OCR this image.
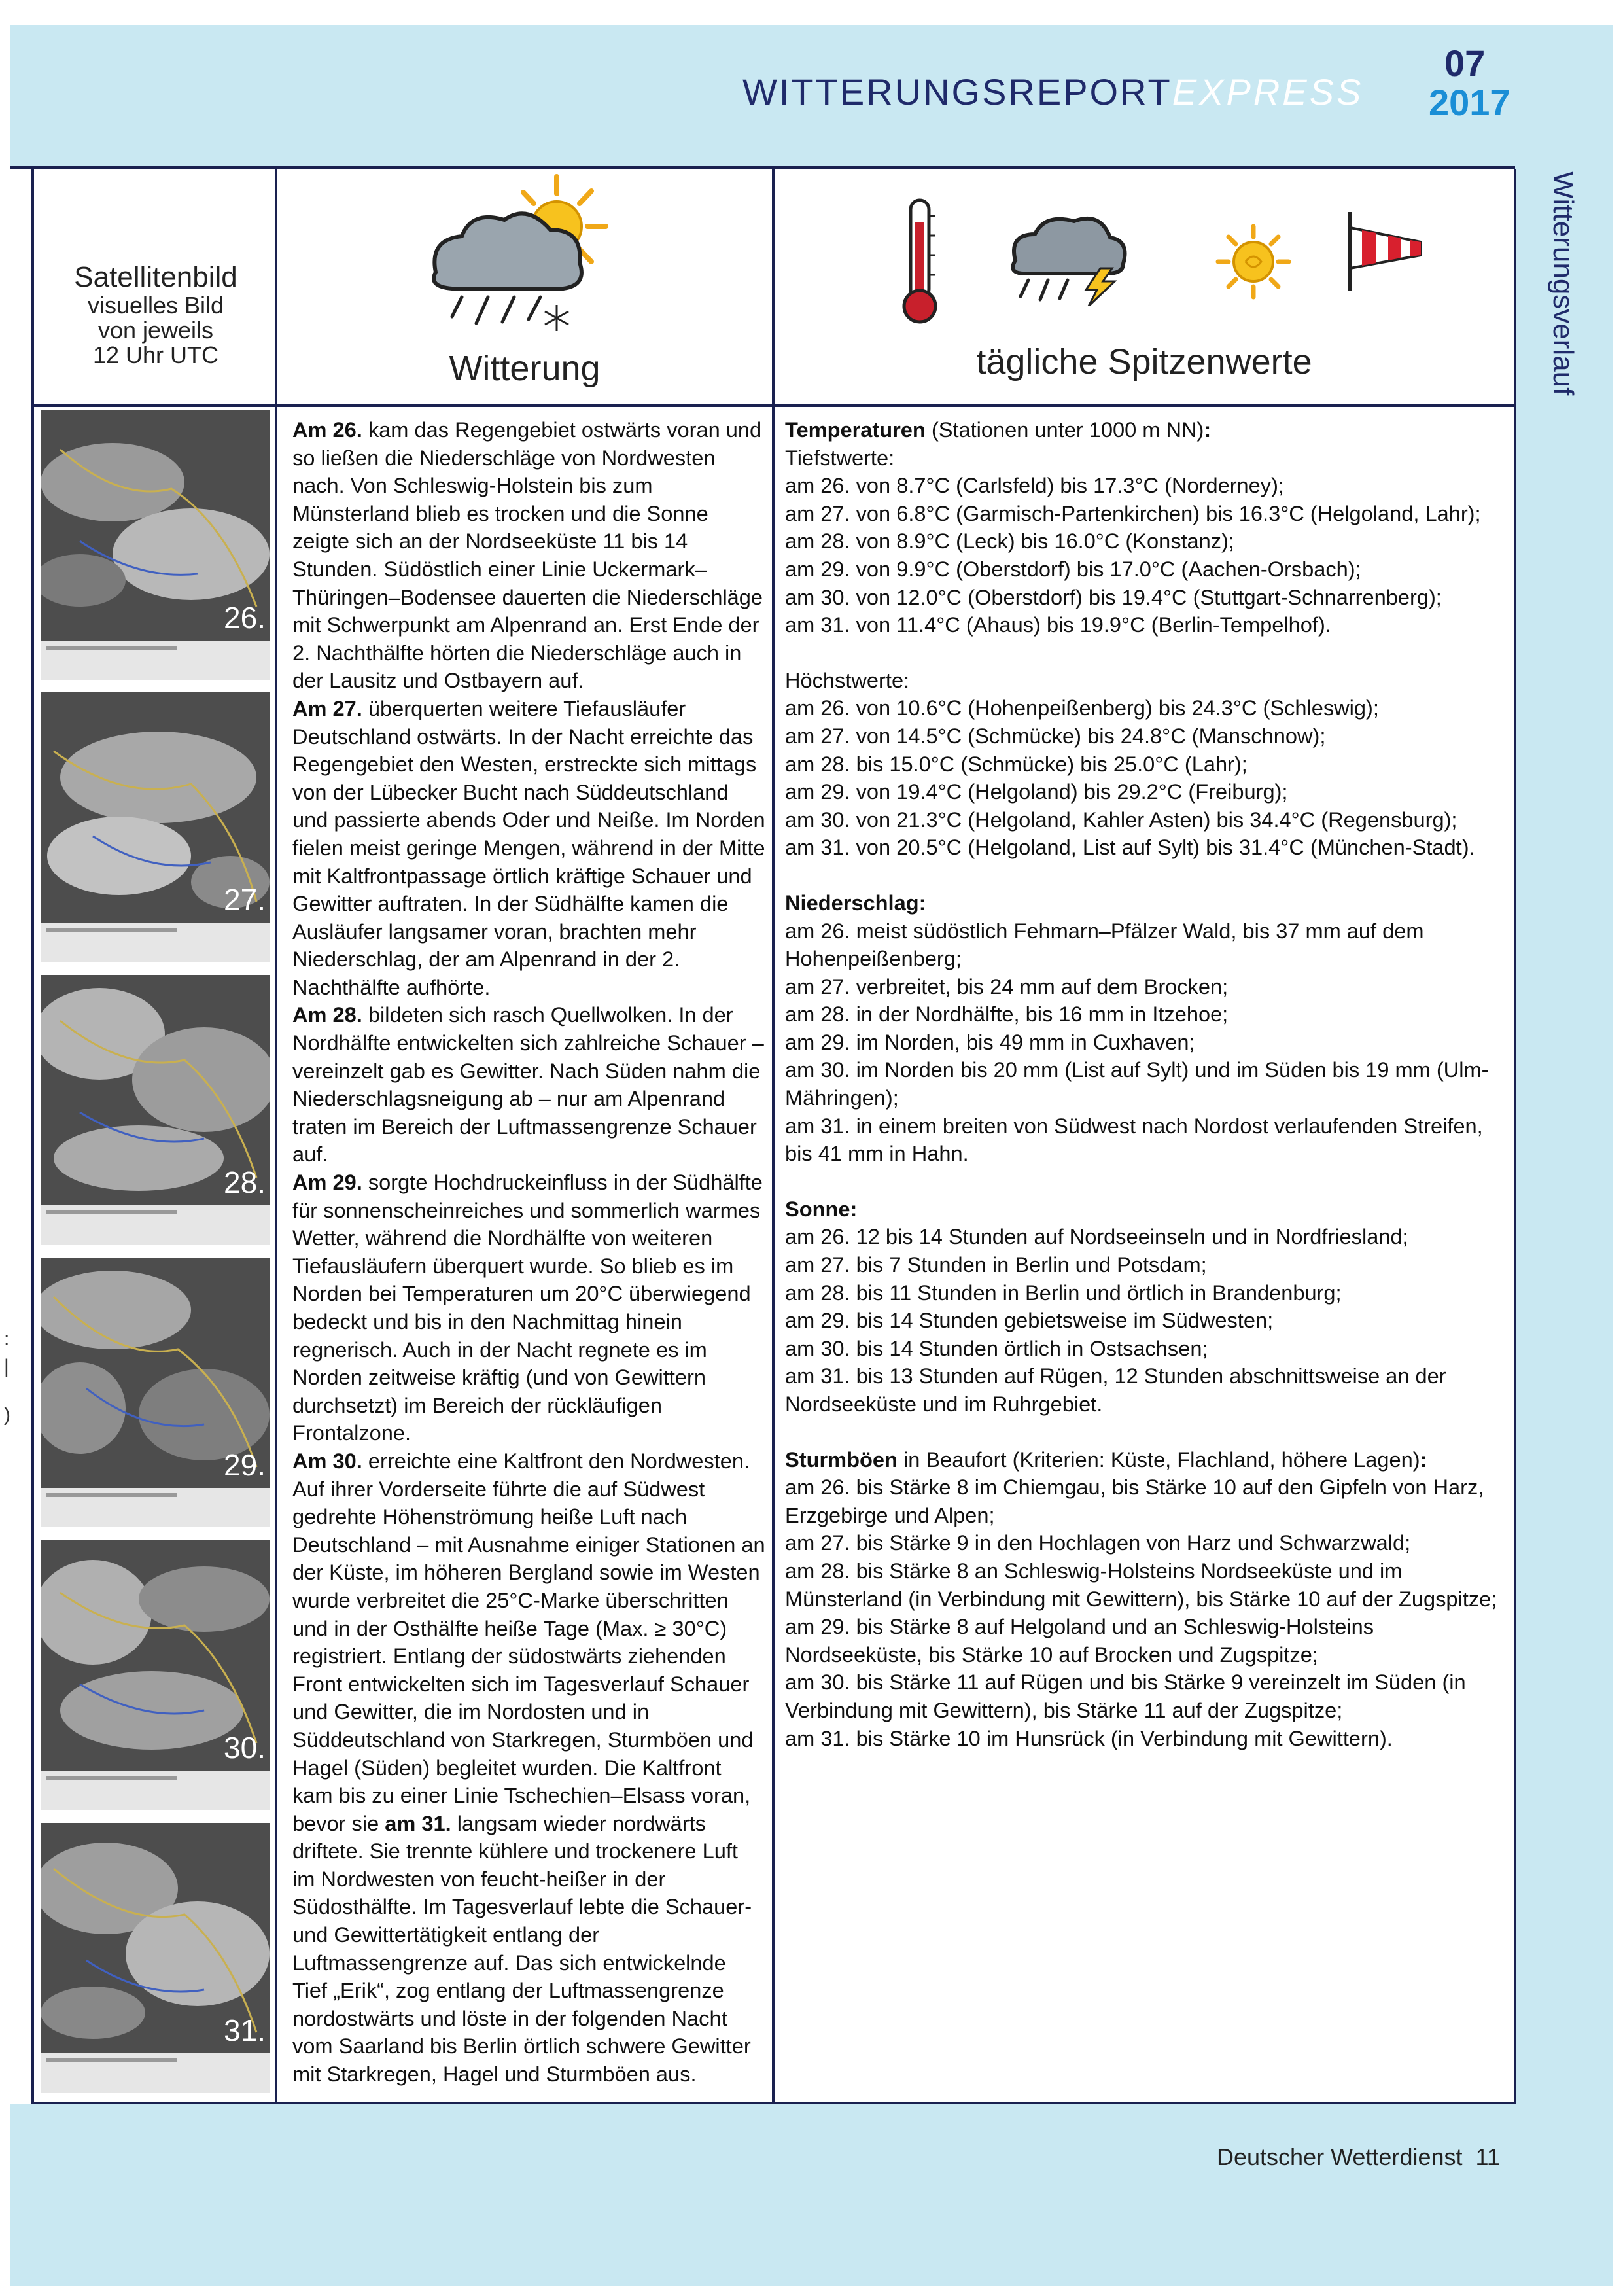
WITTERUNGSREPORTEXPRESS
07
2017
Witterungsverlauf
Satellitenbild
visuelles Bild
von jeweils
12 Uhr UTC	Witterung	tägliche Spitzenwerte
26.
27.
28.
29.
30.
31.
:
|
)

Am 26. kam das Regengebiet ostwärts voran und so ließen die Niederschläge von Nordwesten nach. Von Schleswig-Holstein bis zum Münsterland blieb es trocken und die Sonne zeigte sich an der Nordseeküste 11 bis 14 Stunden. Südöstlich einer Linie Uckermark–Thüringen–Bodensee dauerten die Niederschläge mit Schwerpunkt am Alpenrand an. Erst Ende der 2. Nachthälfte hörten die Niederschläge auch in der Lausitz und Ostbayern auf.

Am 27. überquerten weitere Tiefausläufer Deutschland ostwärts. In der Nacht erreichte das Regengebiet den Westen, erstreckte sich mittags von der Lübecker Bucht nach Süddeutschland und passierte abends Oder und Neiße. Im Norden fielen meist geringe Mengen, während in der Mitte mit Kaltfrontpassage örtlich kräftige Schauer und Gewitter auftraten. In der Südhälfte kamen die Ausläufer langsamer voran, brachten mehr Niederschlag, der am Alpenrand in der 2. Nachthälfte aufhörte.

Am 28. bildeten sich rasch Quellwolken. In der Nordhälfte entwickelten sich zahlreiche Schauer – vereinzelt gab es Gewitter. Nach Süden nahm die Niederschlagsneigung ab – nur am Alpenrand traten im Bereich der Luftmassengrenze Schauer auf.

Am 29. sorgte Hochdruckeinfluss in der Südhälfte für sonnenscheinreiches und sommerlich warmes Wetter, während die Nordhälfte von weiteren Tiefausläufern überquert wurde. So blieb es im Norden bei Temperaturen um 20°C überwiegend bedeckt und bis in den Nachmittag hinein regnerisch. Auch in der Nacht regnete es im Norden zeitweise kräftig (und von Gewittern durchsetzt) im Bereich der rückläufigen Frontalzone.

Am 30. erreichte eine Kaltfront den Nordwesten. Auf ihrer Vorderseite führte die auf Südwest gedrehte Höhenströmung heiße Luft nach Deutschland – mit Ausnahme einiger Stationen an der Küste, im höheren Bergland sowie im Westen wurde verbreitet die 25°C-Marke überschritten und in der Osthälfte heiße Tage (Max. ≥ 30°C) registriert. Entlang der südostwärts ziehenden Front entwickelten sich im Tagesverlauf Schauer und Gewitter, die im Nordosten und in Süddeutschland von Starkregen, Sturmböen und Hagel (Süden) begleitet wurden. Die Kaltfront kam bis zu einer Linie Tschechien–Elsass voran, bevor sie am 31. langsam wieder nordwärts driftete. Sie trennte kühlere und trockenere Luft im Nordwesten von feucht-heißer in der Südosthälfte. Im Tagesverlauf lebte die Schauer- und Gewittertätigkeit entlang der Luftmassengrenze auf. Das sich entwickelnde Tief „Erik“, zog entlang der Luftmassengrenze nordostwärts und löste in der folgenden Nacht vom Saarland bis Berlin örtlich schwere Gewitter mit Starkregen, Hagel und Sturmböen aus.

Temperaturen (Stationen unter 1000 m NN):

Tiefstwerte:

am 26. von 8.7°C (Carlsfeld) bis 17.3°C (Norderney);

am 27. von 6.8°C (Garmisch-Partenkirchen) bis 16.3°C (Helgoland, Lahr);

am 28. von 8.9°C (Leck) bis 16.0°C (Konstanz);

am 29. von 9.9°C (Oberstdorf) bis 17.0°C (Aachen-Orsbach);

am 30. von 12.0°C (Oberstdorf) bis 19.4°C (Stuttgart-Schnarrenberg);

am 31. von 11.4°C (Ahaus) bis 19.9°C (Berlin-Tempelhof).

Höchstwerte:

am 26. von 10.6°C (Hohenpeißenberg) bis 24.3°C (Schleswig);

am 27. von 14.5°C (Schmücke) bis 24.8°C (Manschnow);

am 28. bis 15.0°C (Schmücke) bis 25.0°C (Lahr);

am 29. von 19.4°C (Helgoland) bis 29.2°C (Freiburg);

am 30. von 21.3°C (Helgoland, Kahler Asten) bis 34.4°C (Regensburg);

am 31. von 20.5°C (Helgoland, List auf Sylt) bis 31.4°C (München-Stadt).

Niederschlag:

am 26. meist südöstlich Fehmarn–Pfälzer Wald, bis 37 mm auf dem Hohenpeißenberg;

am 27. verbreitet, bis 24 mm auf dem Brocken;

am 28. in der Nordhälfte, bis 16 mm in Itzehoe;

am 29. im Norden, bis 49 mm in Cuxhaven;

am 30. im Norden bis 20 mm (List auf Sylt) und im Süden bis 19 mm (Ulm-Mähringen);

am 31. in einem breiten von Südwest nach Nordost verlaufenden Streifen, bis 41 mm in Hahn.

Sonne:

am 26. 12 bis 14 Stunden auf Nordseeinseln und in Nordfriesland;

am 27. bis 7 Stunden in Berlin und Potsdam;

am 28. bis 11 Stunden in Berlin und örtlich in Brandenburg;

am 29. bis 14 Stunden gebietsweise im Südwesten;

am 30. bis 14 Stunden örtlich in Ostsachsen;

am 31. bis 13 Stunden auf Rügen, 12 Stunden abschnittsweise an der Nordseeküste und im Ruhrgebiet.

Sturmböen in Beaufort (Kriterien: Küste, Flachland, höhere Lagen):

am 26. bis Stärke 8 im Chiemgau, bis Stärke 10 auf den Gipfeln von Harz, Erzgebirge und Alpen;

am 27. bis Stärke 9 in den Hochlagen von Harz und Schwarzwald;

am 28. bis Stärke 8 an Schleswig-Holsteins Nordseeküste und im Münsterland (in Verbindung mit Gewittern), bis Stärke 10 auf der Zugspitze;

am 29. bis Stärke 8 auf Helgoland und an Schleswig-Holsteins Nordseeküste, bis Stärke 10 auf Brocken und Zugspitze;

am 30. bis Stärke 11 auf Rügen und bis Stärke 9 vereinzelt im Süden (in Verbindung mit Gewittern), bis Stärke 11 auf der Zugspitze;

am 31. bis Stärke 10 im Hunsrück (in Verbindung mit Gewittern).

Deutscher Wetterdienst 11
